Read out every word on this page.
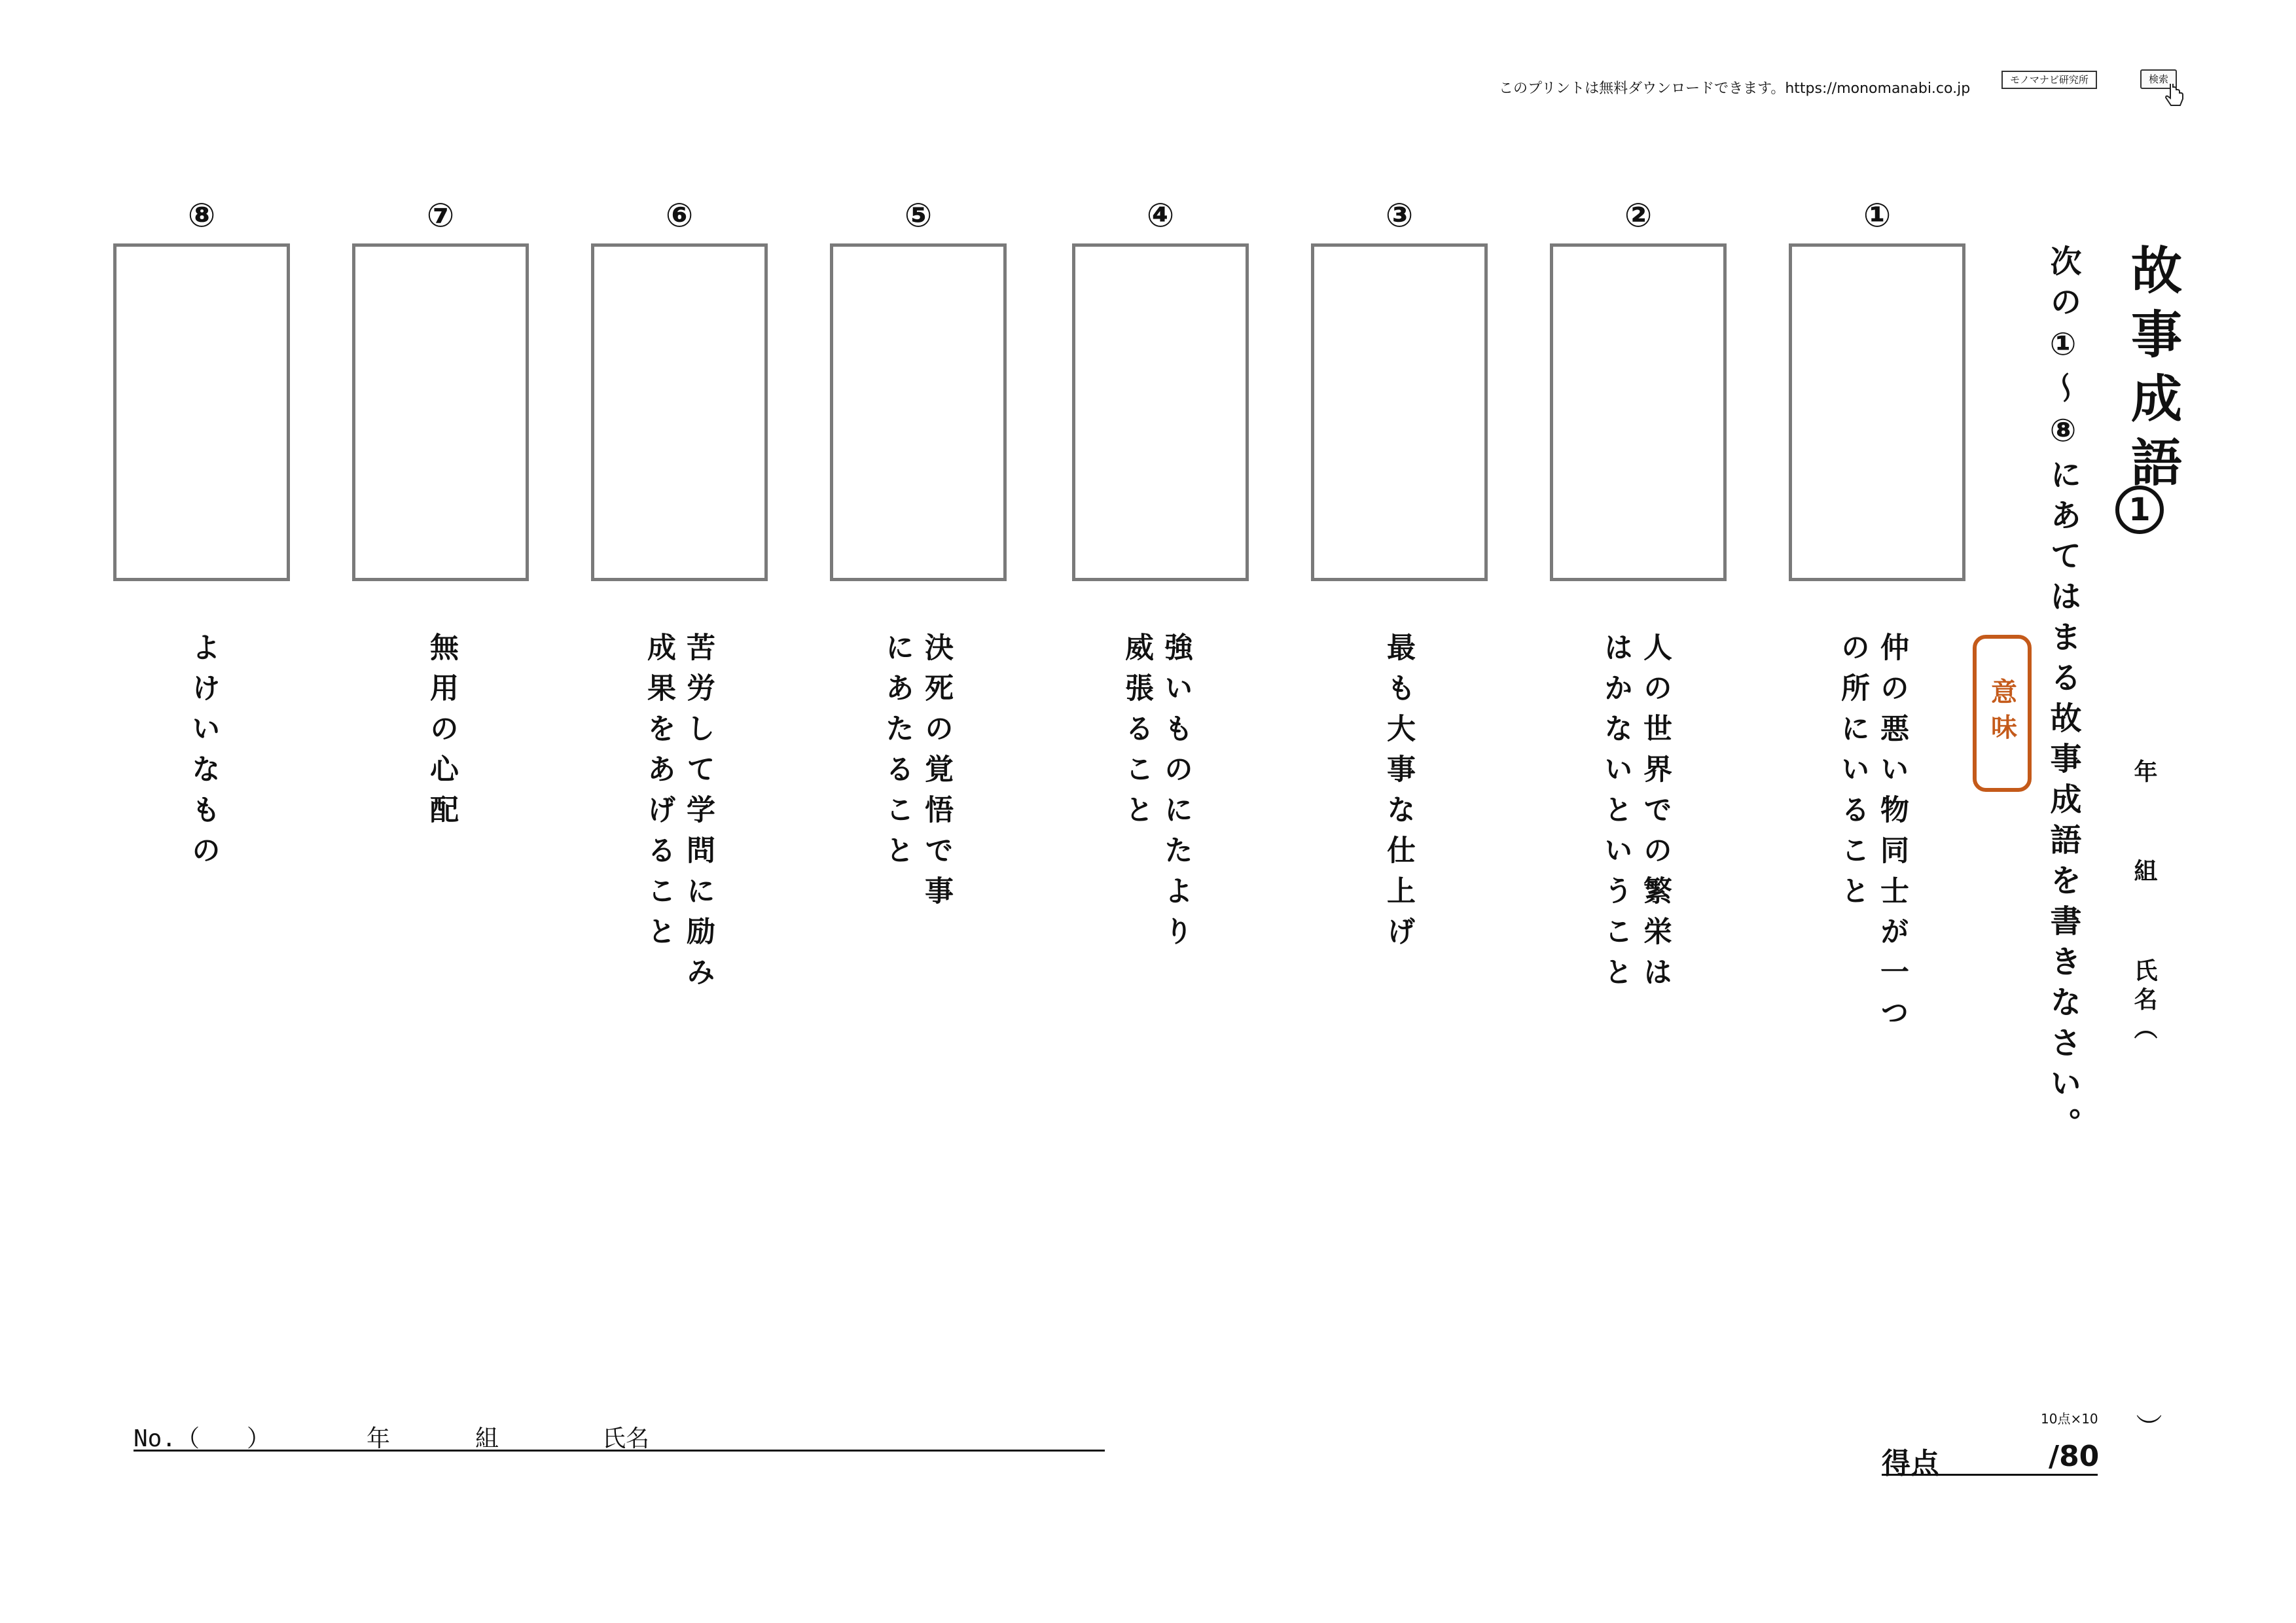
このプリントは無料ダウンロードできます。https://monomanabi.co.jp
モノマナビ研究所	検索
故事成語
1
次の①～⑧にあてはまる故事成語を書きなさい。 年
組
氏名（
）
意味
①
仲の悪い物同士が一つの所にいること
②
人の世界での繁栄ははかないということ
③
最も大事な仕上げ
④
強いものにたより威張ること
⑤
決死の覚悟で事にあたること
⑥
苦労して学問に励み成果をあげること
⑦
無用の心配
⑧
よけいなもの
No.（　　）	年	組	氏名
10点×10
得点	/80
